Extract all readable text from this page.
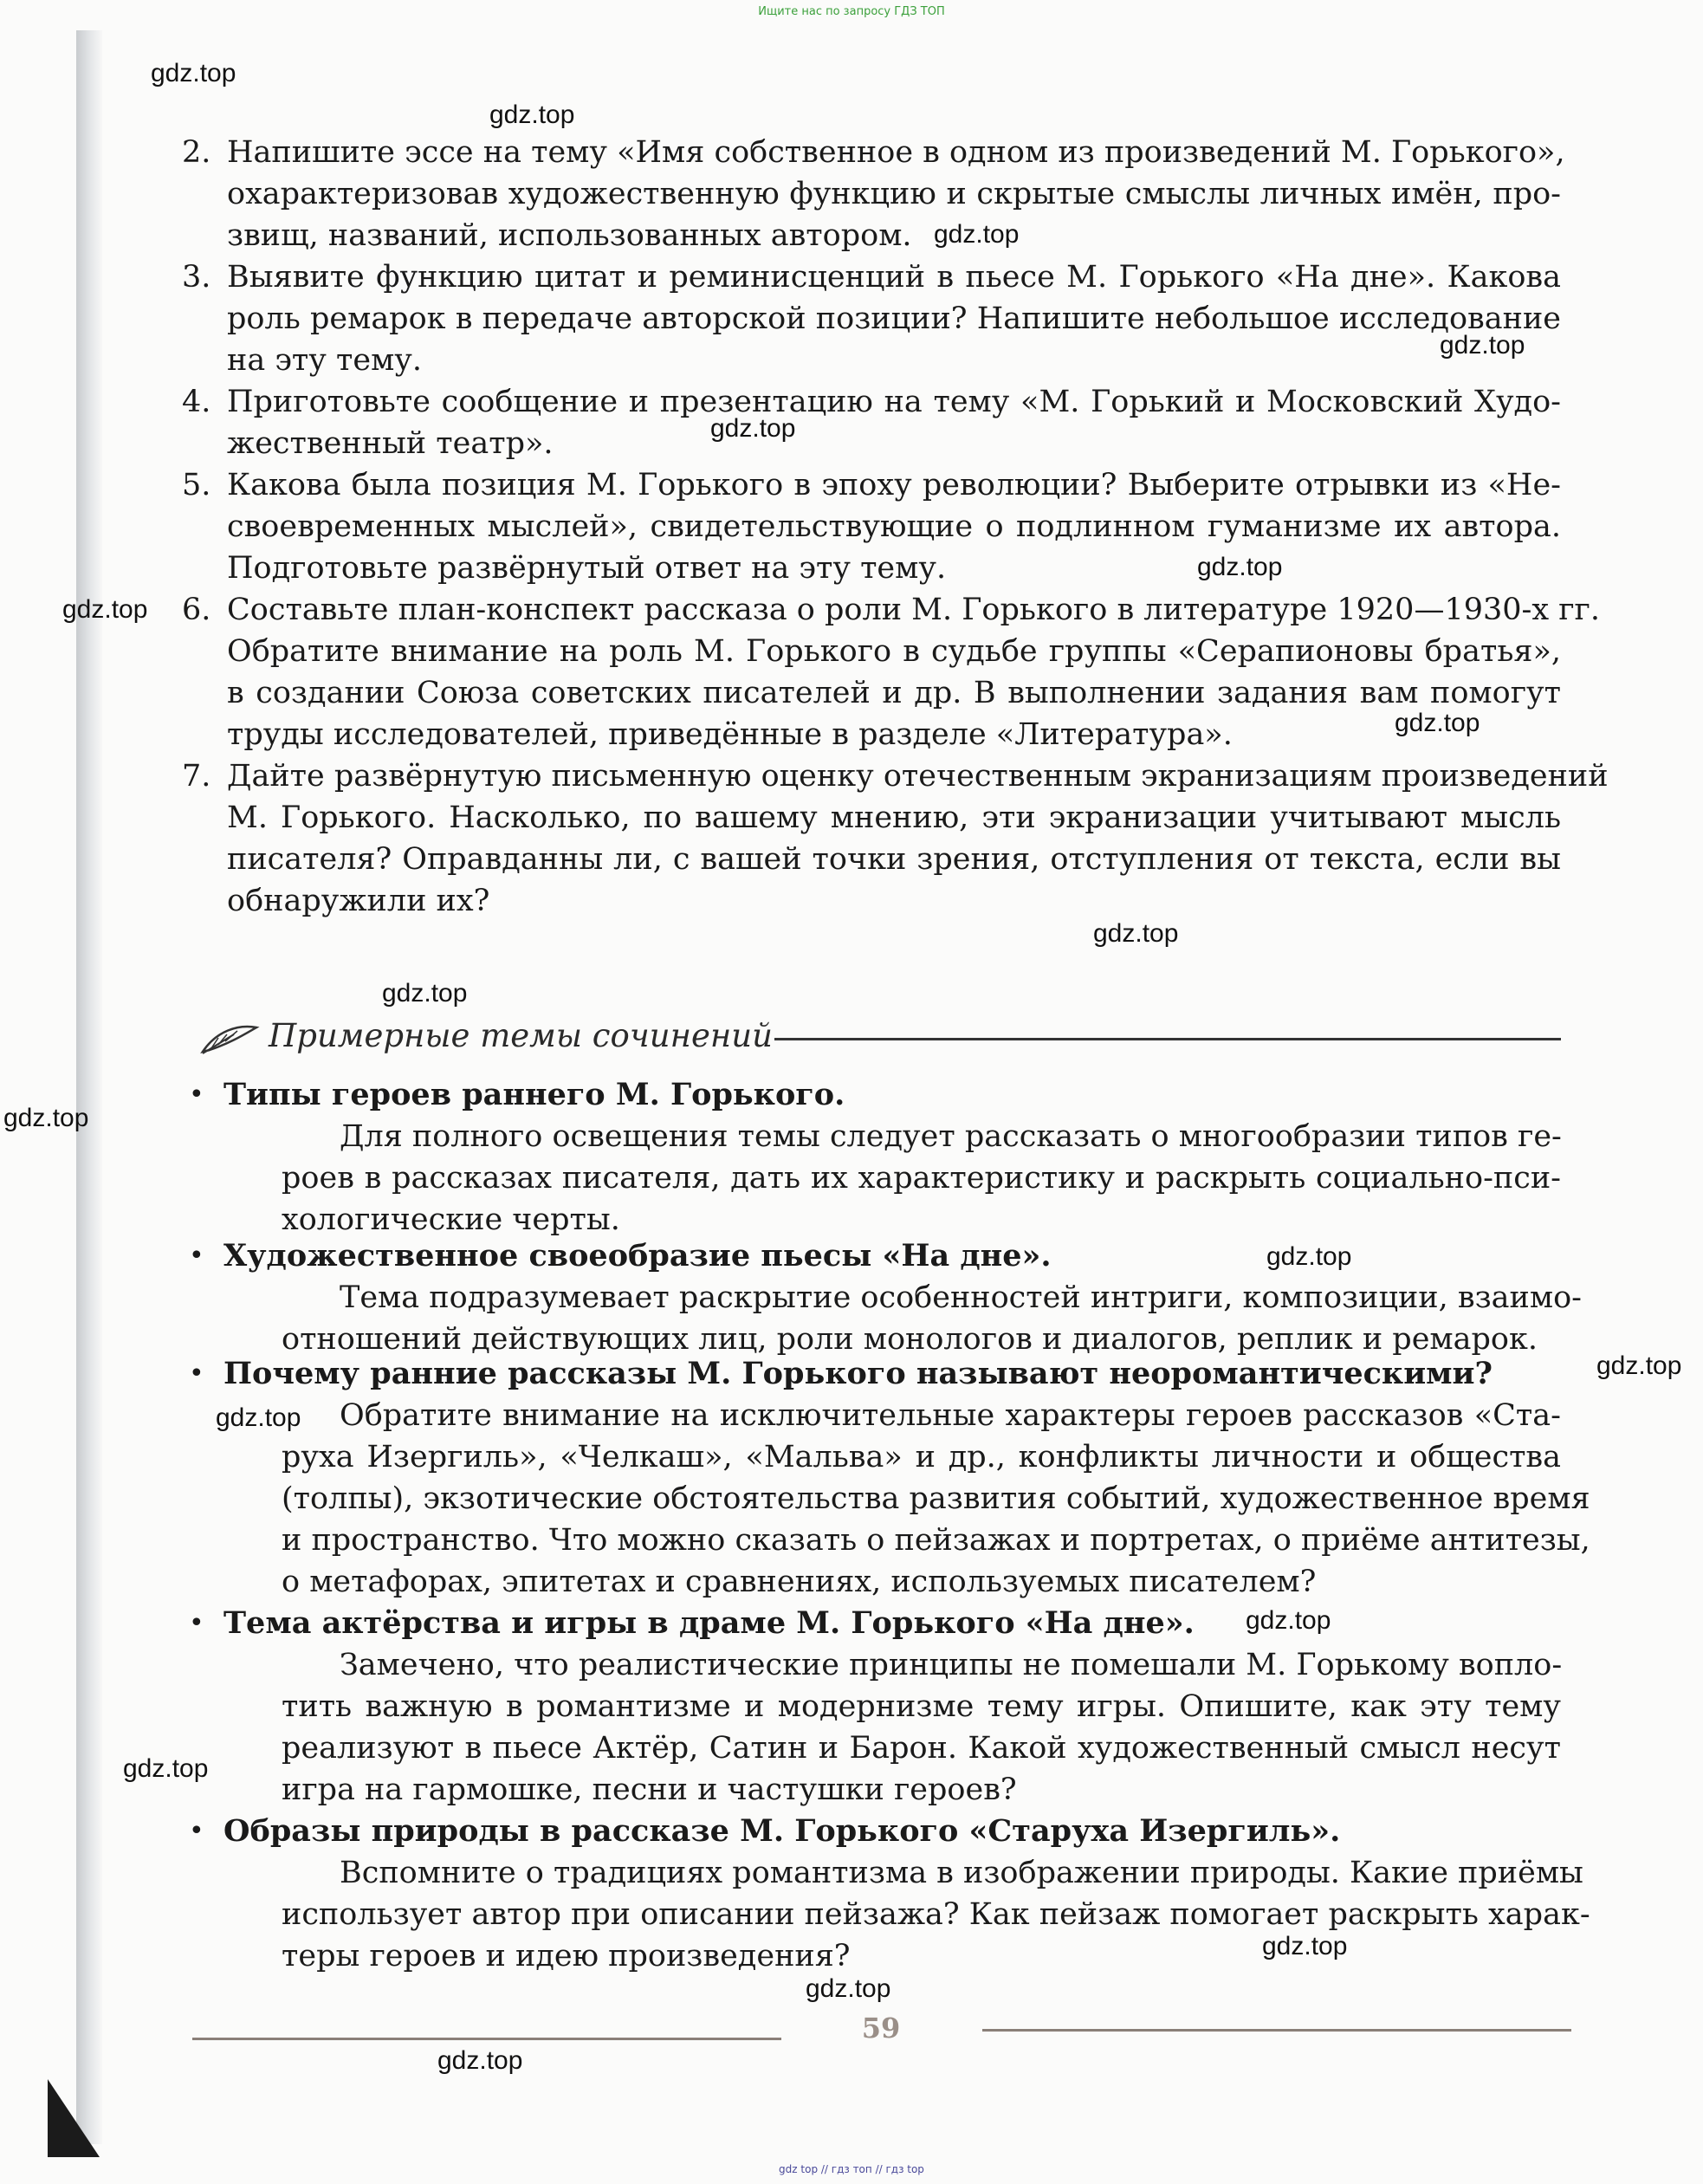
Ищите нас по запросу ГДЗ ТОП
gdz.top
gdz.top
gdz.top
gdz.top
gdz.top
gdz.top
gdz.top
gdz.top
gdz.top
gdz.top
gdz.top
gdz.top
gdz.top
gdz.top
gdz.top
gdz.top
gdz.top
gdz.top
gdz.top
2. Напишите эссе на тему «Имя собственное в одном из произведений М. Горького»,
охарактеризовав художественную функцию и скрытые смыслы личных имён, про-
звищ, названий, использованных автором.
3. Выявите функцию цитат и реминисценций в пьесе М. Горького «На дне». Какова
роль ремарок в передаче авторской позиции? Напишите небольшое исследование
на эту тему.
4. Приготовьте сообщение и презентацию на тему «М. Горький и Московский Худо-
жественный театр».
5. Какова была позиция М. Горького в эпоху революции? Выберите отрывки из «Не-
своевременных мыслей», свидетельствующие о подлинном гуманизме их автора.
Подготовьте развёрнутый ответ на эту тему.
6. Составьте план-конспект рассказа о роли М. Горького в литературе 1920—1930-х гг.
Обратите внимание на роль М. Горького в судьбе группы «Серапионовы братья»,
в создании Союза советских писателей и др. В выполнении задания вам помогут
труды исследователей, приведённые в разделе «Литература».
7. Дайте развёрнутую письменную оценку отечественным экранизациям произведений
М. Горького. Насколько, по вашему мнению, эти экранизации учитывают мысль
писателя? Оправданны ли, с вашей точки зрения, отступления от текста, если вы
обнаружили их?
Примерные темы сочинений
• Типы героев раннего М. Горького.
Для полного освещения темы следует рассказать о многообразии типов ге-
роев в рассказах писателя, дать их характеристику и раскрыть социально-пси-
хологические черты.
• Художественное своеобразие пьесы «На дне».
Тема подразумевает раскрытие особенностей интриги, композиции, взаимо-
отношений действующих лиц, роли монологов и диалогов, реплик и ремарок.
• Почему ранние рассказы М. Горького называют неоромантическими?
Обратите внимание на исключительные характеры героев рассказов «Ста-
руха Изергиль», «Челкаш», «Мальва» и др., конфликты личности и общества
(толпы), экзотические обстоятельства развития событий, художественное время
и пространство. Что можно сказать о пейзажах и портретах, о приёме антитезы,
о метафорах, эпитетах и сравнениях, используемых писателем?
• Тема актёрства и игры в драме М. Горького «На дне».
Замечено, что реалистические принципы не помешали М. Горькому вопло-
тить важную в романтизме и модернизме тему игры. Опишите, как эту тему
реализуют в пьесе Актёр, Сатин и Барон. Какой художественный смысл несут
игра на гармошке, песни и частушки героев?
• Образы природы в рассказе М. Горького «Старуха Изергиль».
Вспомните о традициях романтизма в изображении природы. Какие приёмы
использует автор при описании пейзажа? Как пейзаж помогает раскрыть харак-
теры героев и идею произведения?
59
gdz top // гдз топ // гдз top
